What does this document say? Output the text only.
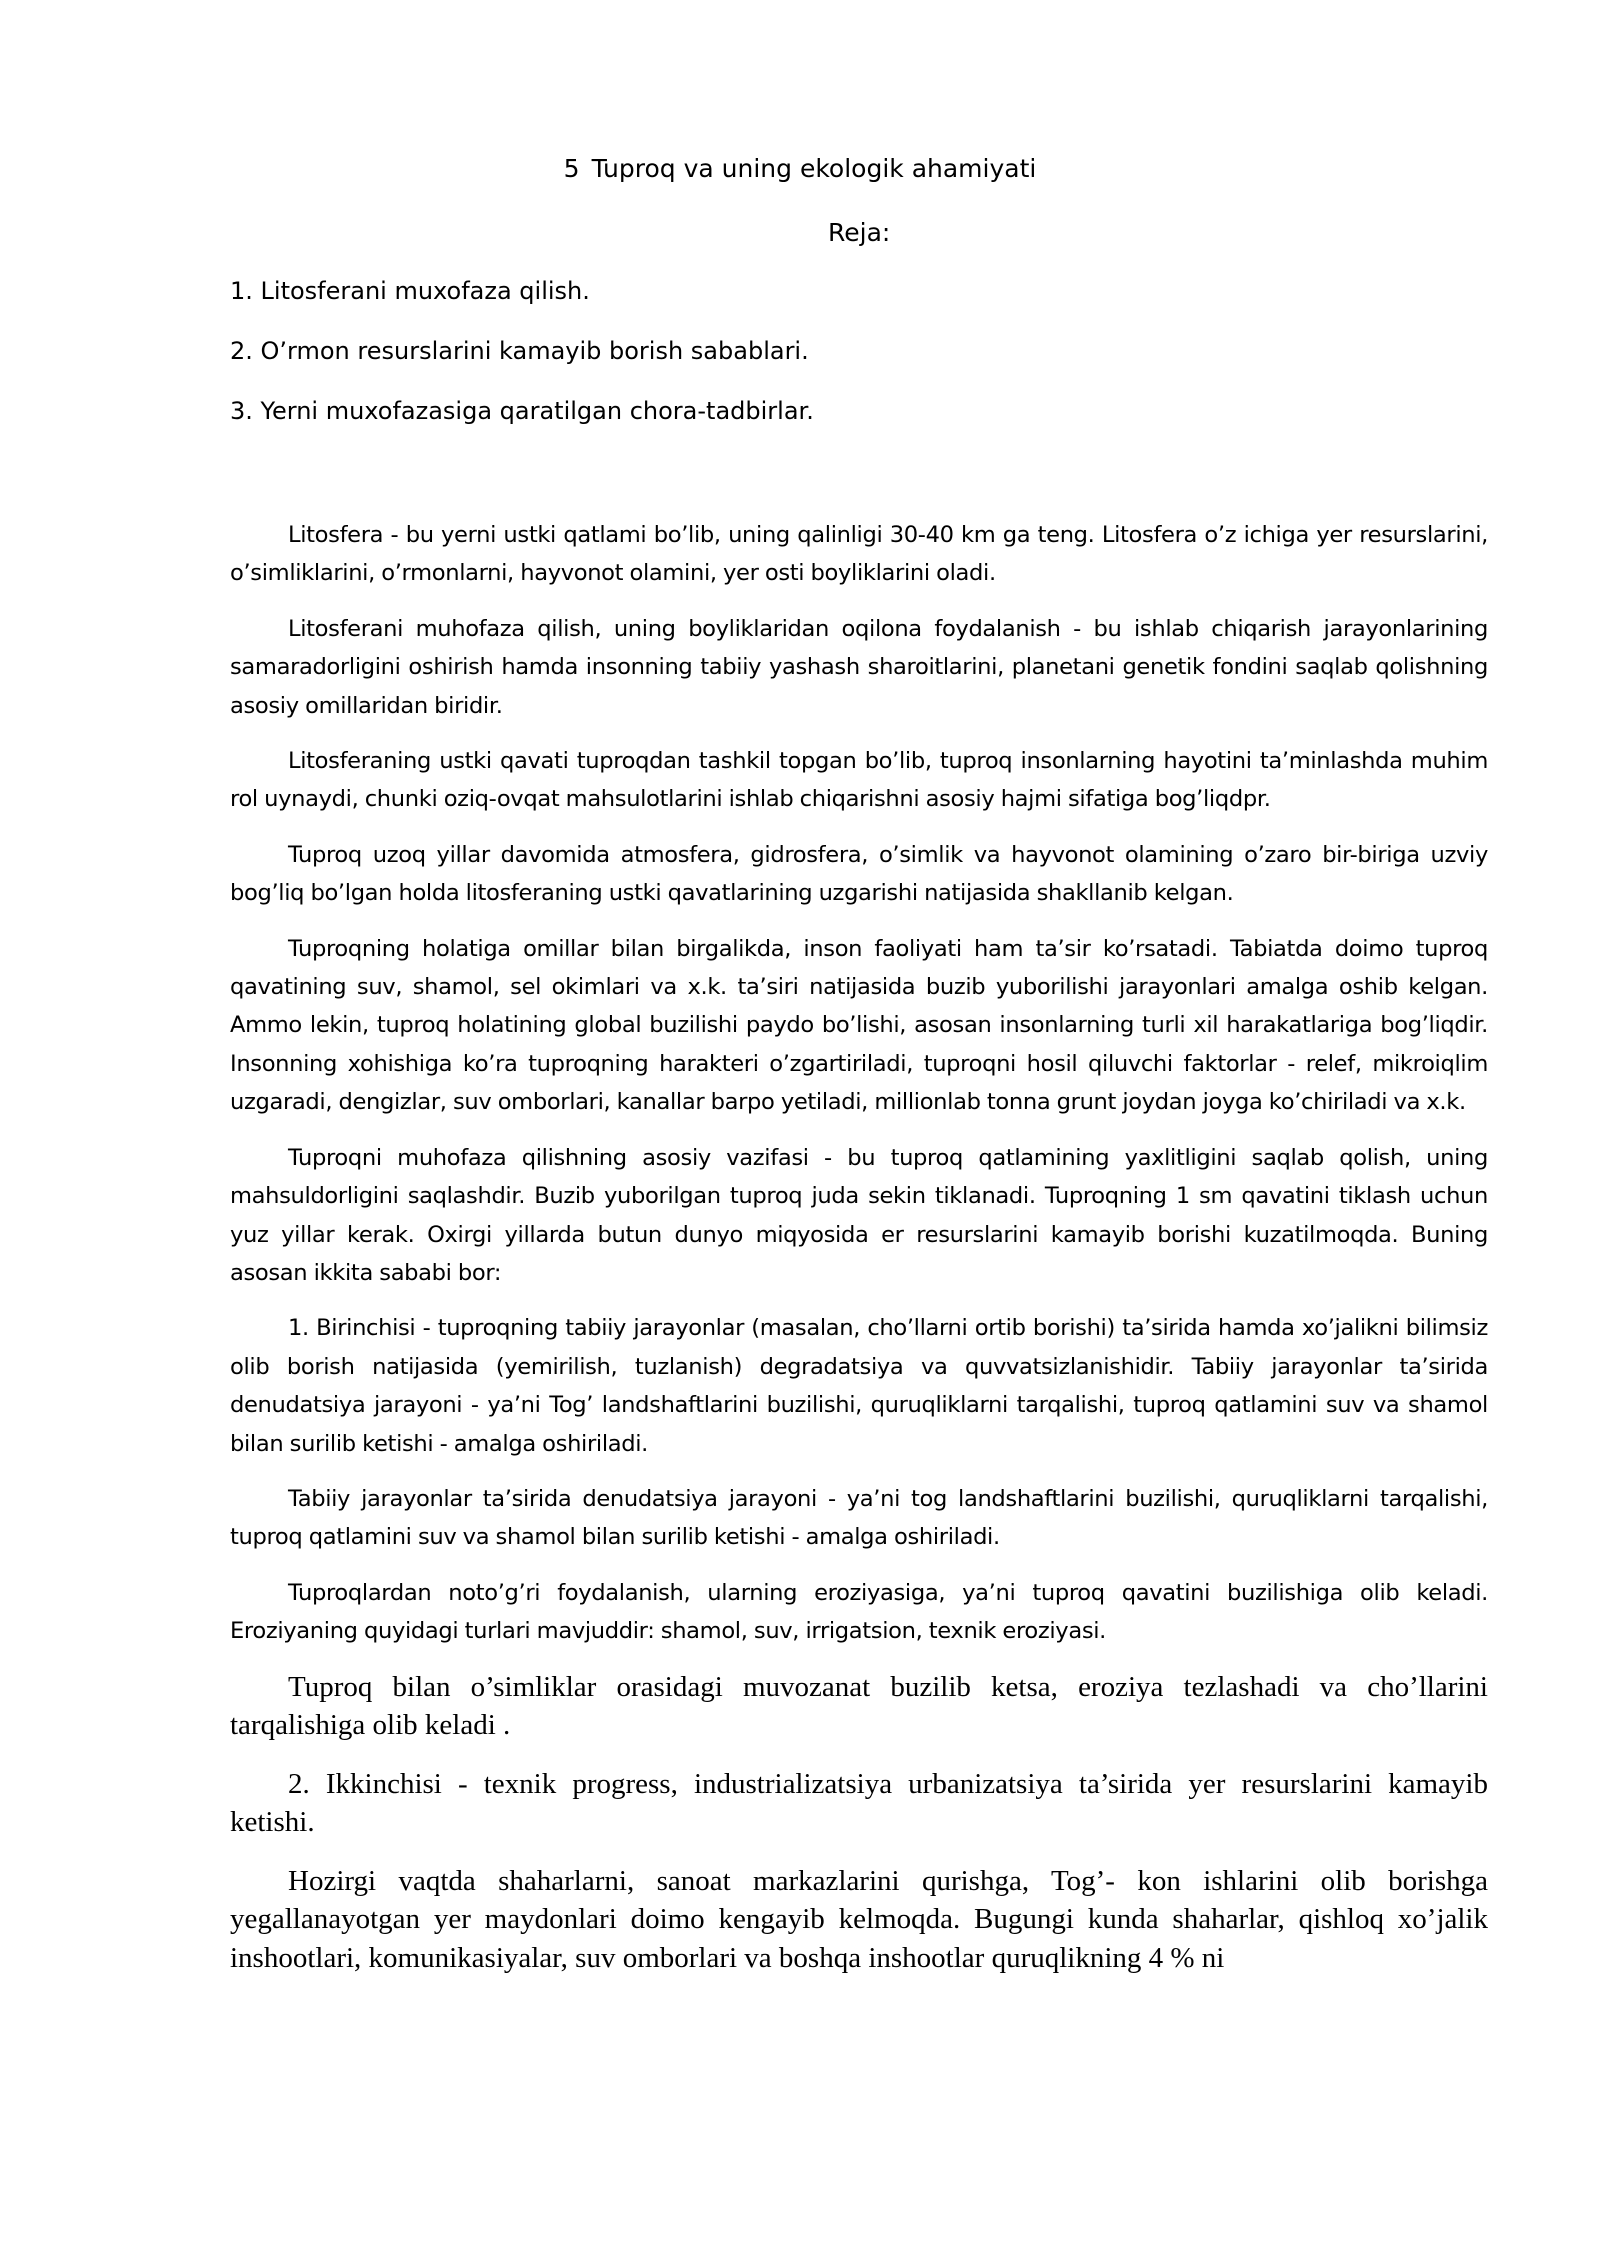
5 Tuproq va uning ekologik ahamiyati
Reja:
1. Litosferani muxofaza qilish.
2. O’rmon resurslarini kamayib borish sabablari.
3. Yerni muxofazasiga qaratilgan chora-tadbirlar.

Litosfera - bu yerni ustki qatlami bo’lib, uning qalinligi 30-40 km ga teng. Litosfera o’z ichiga yer resurslarini, o’simliklarini, o’rmonlarni, hayvonot olamini, yer osti boyliklarini oladi.

Litosferani muhofaza qilish, uning boyliklaridan oqilona foydalanish - bu ishlab chiqarish jarayonlarining samaradorligini oshirish hamda insonning tabiiy yashash sharoitlarini, planetani genetik fondini saqlab qolishning asosiy omillaridan biridir.

Litosferaning ustki qavati tuproqdan tashkil topgan bo’lib, tuproq insonlarning hayotini ta’minlashda muhim rol uynaydi, chunki oziq-ovqat mahsulotlarini ishlab chiqarishni asosiy hajmi sifatiga bog’liqdpr.

Tuproq uzoq yillar davomida atmosfera, gidrosfera, o’simlik va hayvonot olamining o’zaro bir-biriga uzviy bog’liq bo’lgan holda litosferaning ustki qavatlarining uzgarishi natijasida shakllanib kelgan.

Tuproqning holatiga omillar bilan birgalikda, inson faoliyati ham ta’sir ko’rsatadi. Tabiatda doimo tuproq qavatining suv, shamol, sel okimlari va x.k. ta’siri natijasida buzib yuborilishi jarayonlari amalga oshib kelgan. Ammo lekin, tuproq holatining global buzilishi paydo bo’lishi, asosan insonlarning turli xil harakatlariga bog’liqdir. Insonning xohishiga ko’ra tuproqning harakteri o’zgartiriladi, tuproqni hosil qiluvchi faktorlar - relef, mikroiqlim uzgaradi, dengizlar, suv omborlari, kanallar barpo yetiladi, millionlab tonna grunt joydan joyga ko’chiriladi va x.k.

Tuproqni muhofaza qilishning asosiy vazifasi - bu tuproq qatlamining yaxlitligini saqlab qolish, uning mahsuldorligini saqlashdir. Buzib yuborilgan tuproq juda sekin tiklanadi. Tuproqning 1 sm qavatini tiklash uchun yuz yillar kerak. Oxirgi yillarda butun dunyo miqyosida er resurslarini kamayib borishi kuzatilmoqda. Buning asosan ikkita sababi bor:

1. Birinchisi - tuproqning tabiiy jarayonlar (masalan, cho’llarni ortib borishi) ta’sirida hamda xo’jalikni bilimsiz olib borish natijasida (yemirilish, tuzlanish) degradatsiya va quvvatsizlanishidir. Tabiiy jarayonlar ta’sirida denudatsiya jarayoni - ya’ni Tog’ landshaftlarini buzilishi, quruqliklarni tarqalishi, tuproq qatlamini suv va shamol bilan surilib ketishi - amalga oshiriladi.

Tabiiy jarayonlar ta’sirida denudatsiya jarayoni - ya’ni tog landshaftlarini buzilishi, quruqliklarni tarqalishi, tuproq qatlamini suv va shamol bilan surilib ketishi - amalga oshiriladi.

Tuproqlardan noto’g’ri foydalanish, ularning eroziyasiga, ya’ni tuproq qavatini buzilishiga olib keladi. Eroziyaning quyidagi turlari mavjuddir: shamol, suv, irrigatsion, texnik eroziyasi.

Tuproq bilan o’simliklar orasidagi muvozanat buzilib ketsa, eroziya tezlashadi va cho’llarini tarqalishiga olib keladi .

2. Ikkinchisi - texnik progress, industrializatsiya urbanizatsiya ta’sirida yer resurslarini kamayib ketishi.

Hozirgi vaqtda shaharlarni, sanoat markazlarini qurishga, Tog’- kon ishlarini olib borishga yegallanayotgan yer maydonlari doimo kengayib kelmoqda. Bugungi kunda shaharlar, qishloq xo’jalik inshootlari, komunikasiyalar, suv omborlari va boshqa inshootlar quruqlikning 4 % ni
